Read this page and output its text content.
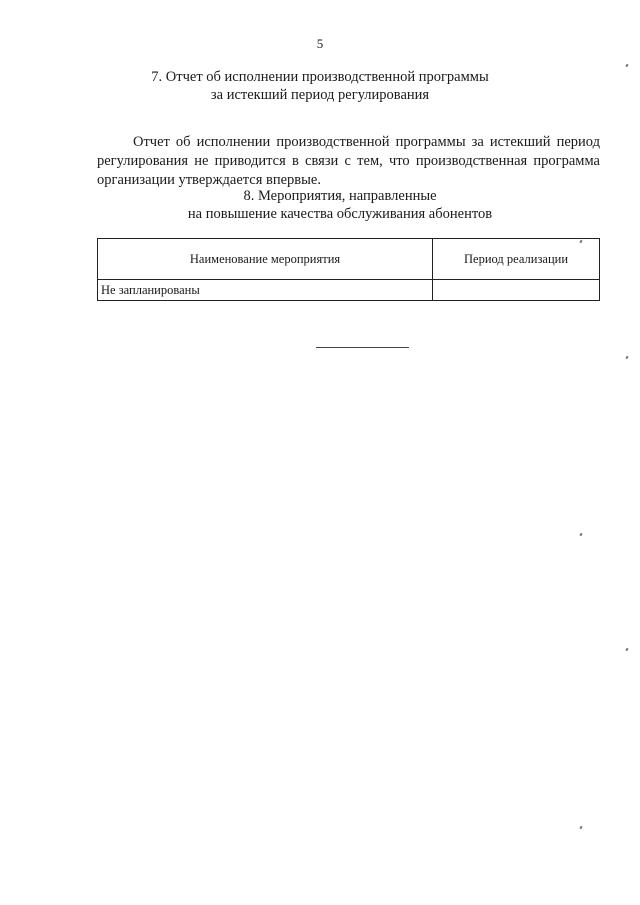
5
7. Отчет об исполнении производственной программы
за истекший период регулирования

Отчет об исполнении производственной программы за истекший период регулирования не приводится в связи с тем, что производственная программа организации утверждается впервые.

8. Мероприятия, направленные
на повышение качества обслуживания абонентов
Наименование мероприятия	Период реализации
Не запланированы	
